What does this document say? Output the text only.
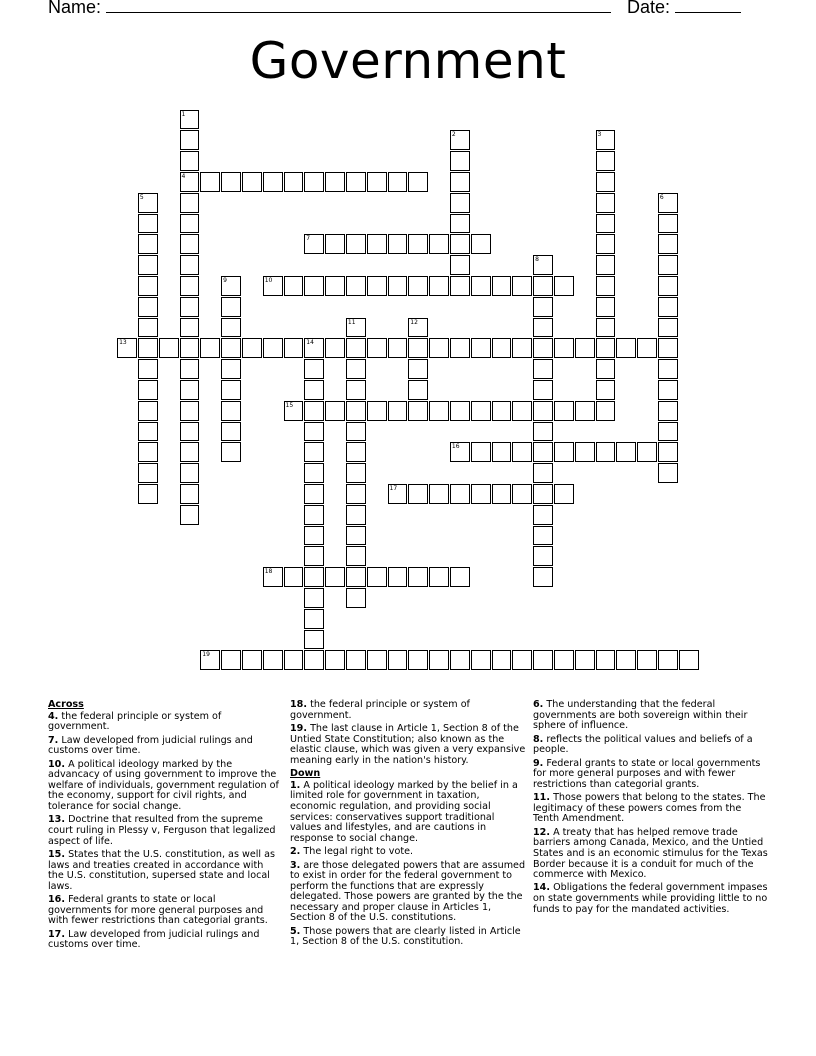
Name:	Date:
Government
1
4
2	3
5	6
7
8
9	10
11	12
13	14
15
16
17
18
19
Across
4. the federal principle or system of government.
7. Law developed from judicial rulings and customs over time.
10. A political ideology marked by the advancacy of using government to improve the welfare of individuals, government regulation of the economy, support for civil rights, and tolerance for social change.
13. Doctrine that resulted from the supreme court ruling in Plessy v, Ferguson that legalized aspect of life.
15. States that the U.S. constitution, as well as laws and treaties created in accordance with the U.S. constitution, supersed state and local laws.
16. Federal grants to state or local governments for more general purposes and with fewer restrictions than categorial grants.
17. Law developed from judicial rulings and customs over time.
18. the federal principle or system of government.
19. The last clause in Article 1, Section 8 of the Untied State Constitution; also known as the elastic clause, which was given a very expansive meaning early in the nation's history.
Down
1. A political ideology marked by the belief in a limited role for government in taxation, economic regulation, and providing social services: conservatives support traditional values and lifestyles, and are cautions in response to social change.
2. The legal right to vote.
3. are those delegated powers that are assumed to exist in order for the federal government to perform the functions that are expressly delegated. Those powers are granted by the the necessary and proper clause in Articles 1, Section 8 of the U.S. constitutions.
5. Those powers that are clearly listed in Article 1, Section 8 of the U.S. constitution.
6. The understanding that the federal governments are both sovereign within their sphere of influence.
8. reflects the political values and beliefs of a people.
9. Federal grants to state or local governments for more general purposes and with fewer restrictions than categorial grants.
11. Those powers that belong to the states. The legitimacy of these powers comes from the Tenth Amendment.
12. A treaty that has helped remove trade barriers among Canada, Mexico, and the Untied States and is an economic stimulus for the Texas Border because it is a conduit for much of the commerce with Mexico.
14. Obligations the federal government impases on state governments while providing little to no funds to pay for the mandated activities.
